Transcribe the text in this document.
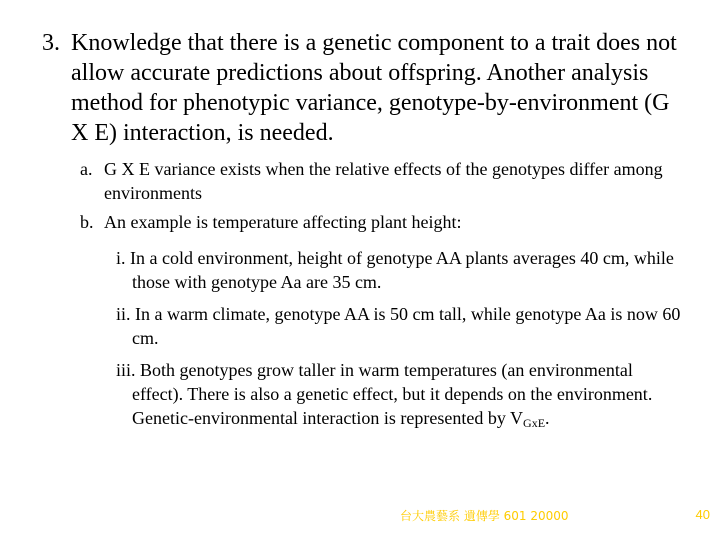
3. Knowledge that there is a genetic component to a trait does not allow accurate predictions about offspring. Another analysis method for phenotypic variance, genotype-by-environment (G X E) interaction, is needed.
a. G X E variance exists when the relative effects of the genotypes differ among environments
b. An example is temperature affecting plant height:
i. In a cold environment, height of genotype AA plants averages 40 cm, while those with genotype Aa are 35 cm.
ii. In a warm climate, genotype AA is 50 cm tall, while genotype Aa is now 60 cm.
iii. Both genotypes grow taller in warm temperatures (an environmental effect). There is also a genetic effect, but it depends on the environment. Genetic-environmental interaction is represented by $V_{GxE}$.
台大農藝系 遺傳學 601 20000	40
